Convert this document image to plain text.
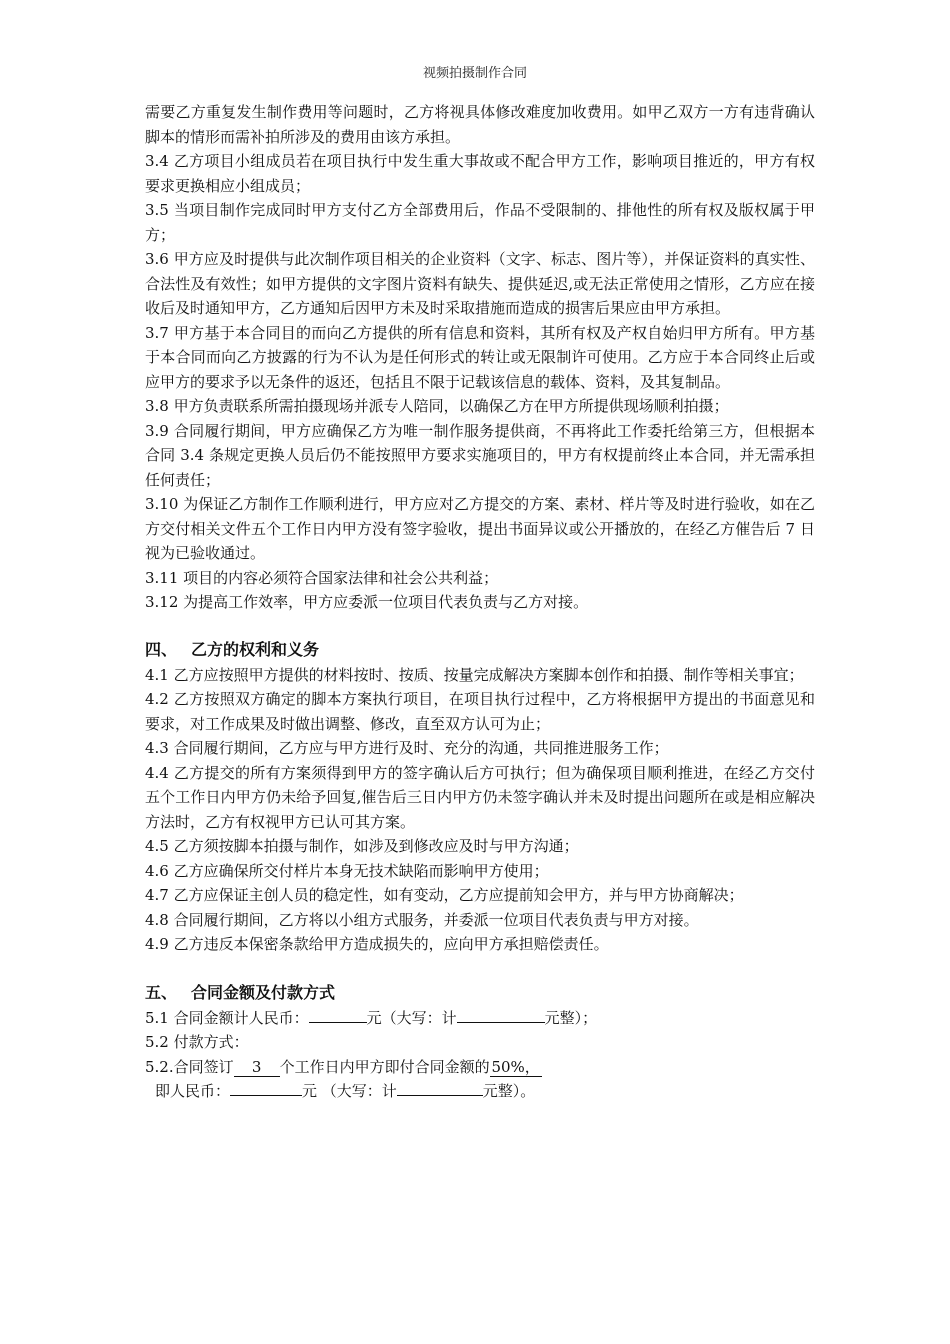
视频拍摄制作合同

需要乙方重复发生制作费用等问题时，乙方将视具体修改难度加收费用。如甲乙双方一方有违背确认脚本的情形而需补拍所涉及的费用由该方承担。

3.4 乙方项目小组成员若在项目执行中发生重大事故或不配合甲方工作，影响项目推近的，甲方有权要求更换相应小组成员；

3.5 当项目制作完成同时甲方支付乙方全部费用后，作品不受限制的、排他性的所有权及版权属于甲方；

3.6 甲方应及时提供与此次制作项目相关的企业资料（文字、标志、图片等），并保证资料的真实性、合法性及有效性；如甲方提供的文字图片资料有缺失、提供延迟,或无法正常使用之情形，乙方应在接收后及时通知甲方，乙方通知后因甲方未及时采取措施而造成的损害后果应由甲方承担。

3.7 甲方基于本合同目的而向乙方提供的所有信息和资料，其所有权及产权自始归甲方所有。甲方基于本合同而向乙方披露的行为不认为是任何形式的转让或无限制许可使用。乙方应于本合同终止后或应甲方的要求予以无条件的返还，包括且不限于记载该信息的载体、资料，及其复制品。

3.8 甲方负责联系所需拍摄现场并派专人陪同，以确保乙方在甲方所提供现场顺利拍摄；

3.9 合同履行期间，甲方应确保乙方为唯一制作服务提供商，不再将此工作委托给第三方，但根据本合同 3.4 条规定更换人员后仍不能按照甲方要求实施项目的，甲方有权提前终止本合同，并无需承担任何责任；

3.10 为保证乙方制作工作顺利进行，甲方应对乙方提交的方案、素材、样片等及时进行验收，如在乙方交付相关文件五个工作日内甲方没有签字验收，提出书面异议或公开播放的，在经乙方催告后 7 日视为已验收通过。

3.11 项目的内容必须符合国家法律和社会公共利益；

3.12 为提高工作效率，甲方应委派一位项目代表负责与乙方对接。

四、 乙方的权利和义务

4.1 乙方应按照甲方提供的材料按时、按质、按量完成解决方案脚本创作和拍摄、制作等相关事宜；

4.2 乙方按照双方确定的脚本方案执行项目，在项目执行过程中，乙方将根据甲方提出的书面意见和要求，对工作成果及时做出调整、修改，直至双方认可为止；

4.3 合同履行期间，乙方应与甲方进行及时、充分的沟通，共同推进服务工作；

4.4 乙方提交的所有方案须得到甲方的签字确认后方可执行；但为确保项目顺利推进，在经乙方交付五个工作日内甲方仍未给予回复,催告后三日内甲方仍未签字确认并未及时提出问题所在或是相应解决方法时，乙方有权视甲方已认可其方案。

4.5 乙方须按脚本拍摄与制作，如涉及到修改应及时与甲方沟通；

4.6 乙方应确保所交付样片本身无技术缺陷而影响甲方使用；

4.7 乙方应保证主创人员的稳定性，如有变动，乙方应提前知会甲方，并与甲方协商解决；

4.8 合同履行期间，乙方将以小组方式服务，并委派一位项目代表负责与甲方对接。

4.9 乙方违反本保密条款给甲方造成损失的，应向甲方承担赔偿责任。

五、 合同金额及付款方式

5.1 合同金额计人民币：	元（大写：计	元整）；

5.2 付款方式：

5.2.合同签订 3 个工作日内甲方即付合同金额的 50%，

即人民币：	元 （大写：计	元整）。
